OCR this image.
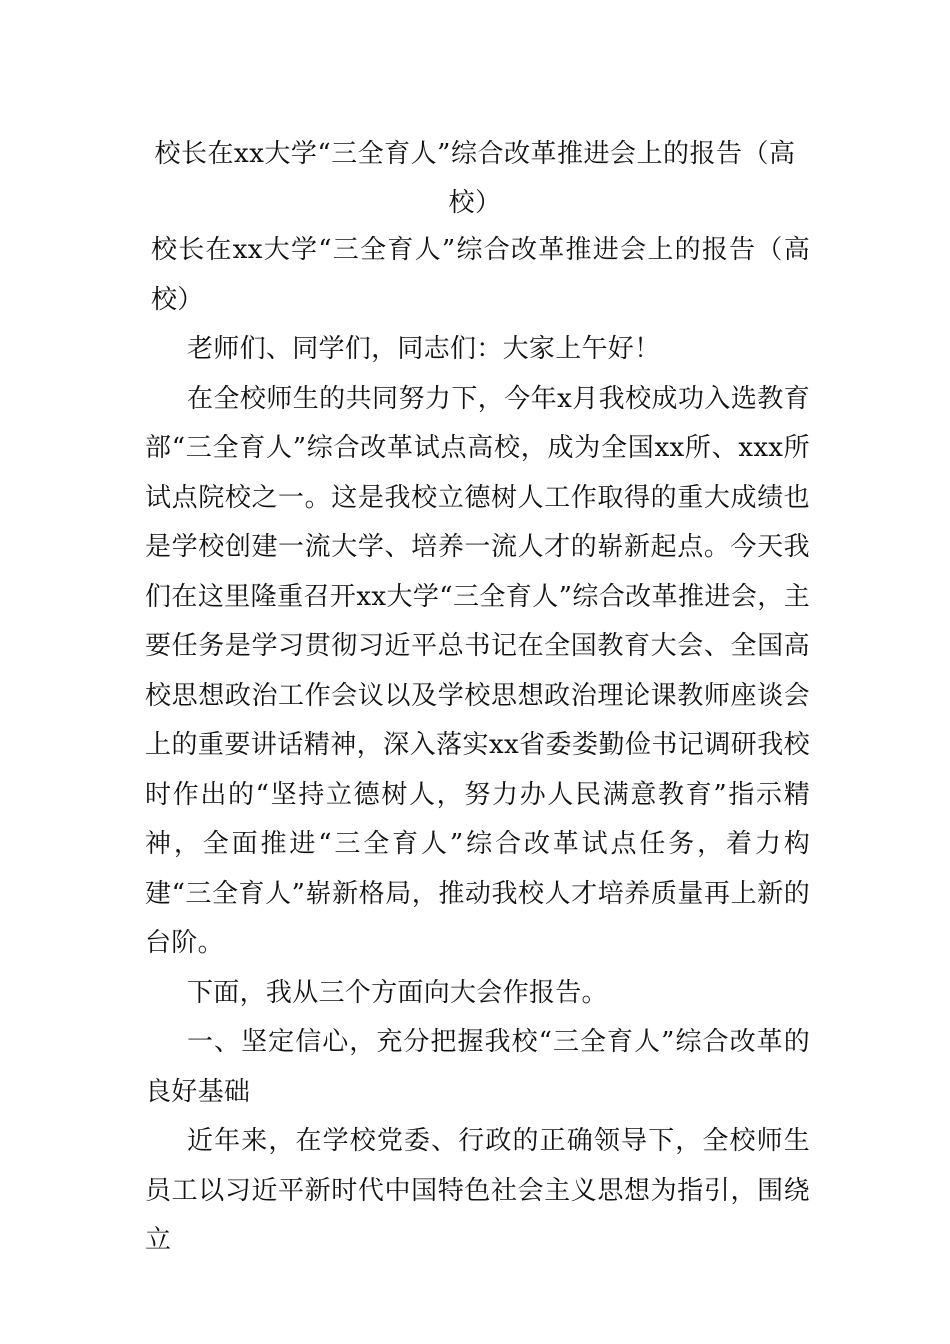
校长在xx大学“三全育人”综合改革推进会上的报告（高校）

校长在xx大学“三全育人”综合改革推进会上的报告（高校）

老师们、同学们，同志们：大家上午好！

在全校师生的共同努力下，今年x月我校成功入选教育部“三全育人”综合改革试点高校，成为全国xx所、xxx所试点院校之一。这是我校立德树人工作取得的重大成绩也是学校创建一流大学、培养一流人才的崭新起点。今天我们在这里隆重召开xx大学“三全育人”综合改革推进会，主要任务是学习贯彻习近平总书记在全国教育大会、全国高校思想政治工作会议以及学校思想政治理论课教师座谈会上的重要讲话精神，深入落实xx省委娄勤俭书记调研我校时作出的“坚持立德树人，努力办人民满意教育”指示精神，全面推进“三全育人”综合改革试点任务，着力构建“三全育人”崭新格局，推动我校人才培养质量再上新的台阶。

下面，我从三个方面向大会作报告。

一、坚定信心，充分把握我校“三全育人”综合改革的良好基础

近年来，在学校党委、行政的正确领导下，全校师生员工以习近平新时代中国特色社会主义思想为指引，围绕立
